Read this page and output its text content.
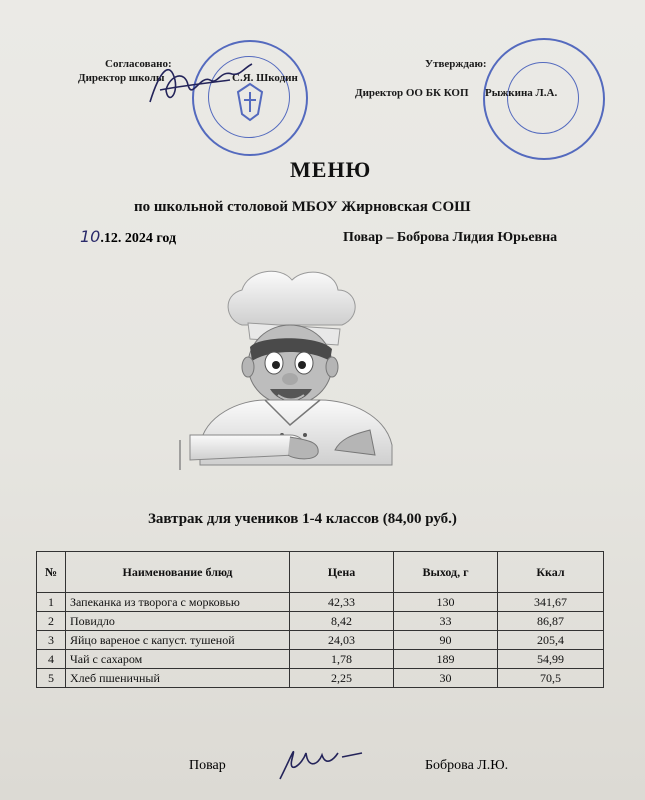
Согласовано:
Директор школы	С.Я. Шкодин
Утверждаю:
Директор ОО БК КОП Рыжкина Л.А.
МЕНЮ
по школьной столовой МБОУ Жирновская СОШ
10.12. 2024 год	Повар – Боброва Лидия Юрьевна
Завтрак для учеников 1-4 классов (84,00 руб.)
№	Наименование блюд	Цена	Выход, г	Ккал
1	Запеканка из творога с морковью	42,33	130	341,67
2	Повидло	8,42	33	86,87
3	Яйцо вареное с капуст. тушеной	24,03	90	205,4
4	Чай с сахаром	1,78	189	54,99
5	Хлеб пшеничный	2,25	30	70,5
Повар	Боброва Л.Ю.
